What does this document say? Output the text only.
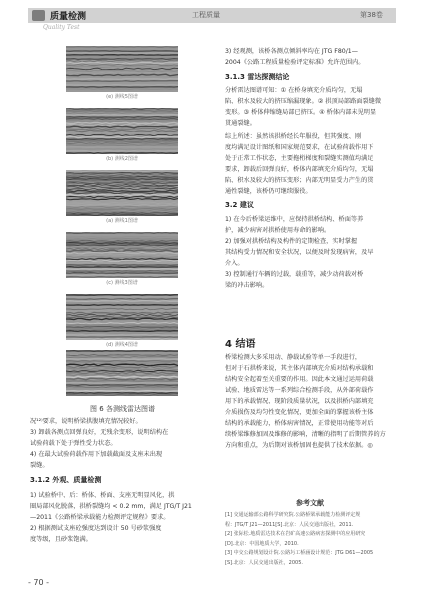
质量检测
Quality Test
工程质量	第38卷
(e) 测线5图谱
(b) 测线2图谱
(a) 测线1图谱
(c) 测线3图谱
(d) 测线4图谱
图 6 各测线雷达图谱
况¹²⁾要求，说明桥梁拱腹填充情况较好。
3) 卸载各测点回弹良好，无残余变形，说明结构在
试验荷载下处于弹性受力状态。
4) 在最大试验荷载作用下加载截面及支座未出现
裂缝。
3.1.2 外观、质量检测
1) 试验桥中、后：桥体、桥面、支座无明显风化，拱
圈局部风化脱落，拱桥裂缝均 < 0.2 mm，满足 JTG/T J21
—2011《公路桥梁承载能力检测评定规程》要求。
2) 根据测试支座砼强度达到设计 50 号砂浆强度
度等级，且砂浆饱满。
3) 经观测，该桥各测点倾斜率均在 JTG F80/1—
2004《公路工程质量检验评定标准》允许范围内。
3.1.3 雷达探测结论
分析雷达图谱可知：① 在桥身填充介质均匀，无塌
陷、积水及较大的挤压缩漏现象。② 拱顶局部路面裂缝微
变形。③ 桥体伸缩缝局部已挤压。④ 桥体内部未见明显
贯通裂缝。
综上所述：虽然该拱桥经长年服役，但其强度、刚
度均满足设计图纸和国家规范要求，在试验荷载作用下
处于正常工作状态，主要拖桁梯度和裂缝实测值均满足
要求，卸载后回弹良好，桥体内部填充介质均匀，无塌
陷、积水及较大的挤压变形；内部无明显受力产生的贯
通性裂缝，该桥仍可继续服役。
3.2 建议
1) 在今后桥梁运维中，应保持拱桥结构、桥面等养
护，减少病害对拱桥使用寿命的影响。
2) 加强对拱桥结构及构件的定期检查，实时掌握
其结构受力情况和安全状况，以便及时发现病害，及早
介入。
3) 控制通行车辆的过载，载重等，减少动荷载对桥
梁的冲击影响。
4 结语
桥梁检测大多采用动、静载试验等单一手段进行，
但对于石拱桥来说，其主体内部填充介质对结构承载和
结构安全起着至关重要的作用。因此本文通过运用荷载
试验、地质雷达等一系列综合检测手段，从外部荷载作
用下的承载情况、现阶段质量状况，以及拱桥内部填充
介质损伤及均匀性变化情况，更加全面的掌握该桥主体
结构的承载能力，桥体病害情况，正常使用功能等对后
续桥梁维修加固及维修的影响，清晰的指明了后期管养的方
方向和重点，为后期对该桥加固也提供了技术依据。◎
参考文献
[1] 交通运输部公路科学研究院.公路桥梁承载能力检测评定规
程：JTG/T J21—2011[S].北京：人民交通出版社，2011.
[2] 张际松.地质雷达技术在岩矿高速公路病害探测中的应用研究
[D].北京：中国地质大学，2010.
[3] 中交公路规划设计院.公路圬工桥涵设计规范：JTG D61—2005
[S].北京：人民交通出版社，2005.
- 70 -
